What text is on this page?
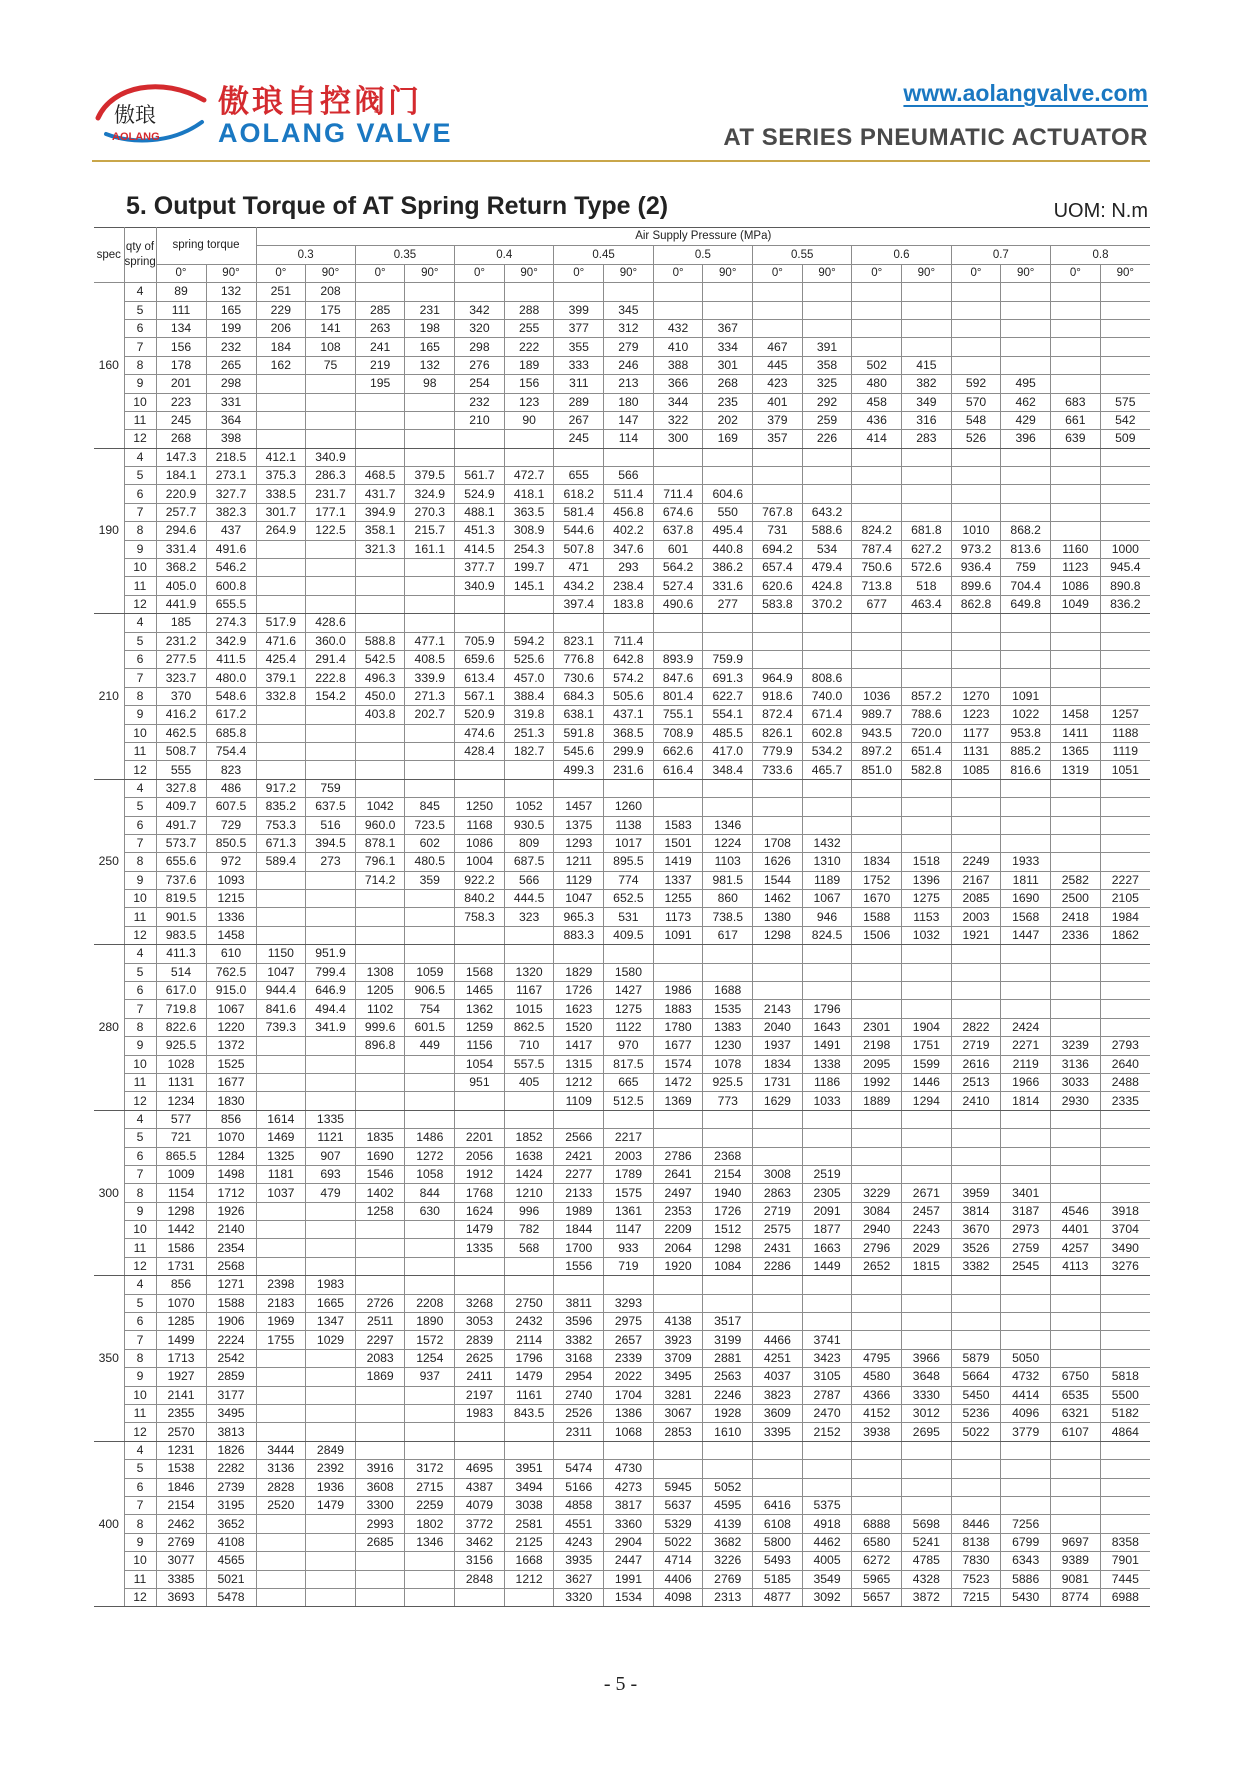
傲琅
AOLANG
傲琅自控阀门
AOLANG VALVE
www.aolangvalve.com
AT SERIES PNEUMATIC ACTUATOR
5. Output Torque of AT Spring Return Type (2)	UOM: N.m
spec	qty of spring	spring torque		Air Supply Pressure (MPa)																	
				0.3		0.35		0.4		0.45		0.5		0.55		0.6		0.7		0.8	
		0°	90°	0°	90°	0°	90°	0°	90°	0°	90°	0°	90°	0°	90°	0°	90°	0°	90°	0°	90°
160	4	89	132	251	208																
	5	111	165	229	175	285	231	342	288	399	345										
	6	134	199	206	141	263	198	320	255	377	312	432	367								
	7	156	232	184	108	241	165	298	222	355	279	410	334	467	391						
	8	178	265	162	75	219	132	276	189	333	246	388	301	445	358	502	415				
	9	201	298			195	98	254	156	311	213	366	268	423	325	480	382	592	495		
	10	223	331					232	123	289	180	344	235	401	292	458	349	570	462	683	575
	11	245	364					210	90	267	147	322	202	379	259	436	316	548	429	661	542
	12	268	398							245	114	300	169	357	226	414	283	526	396	639	509
190	4	147.3	218.5	412.1	340.9																
	5	184.1	273.1	375.3	286.3	468.5	379.5	561.7	472.7	655	566										
	6	220.9	327.7	338.5	231.7	431.7	324.9	524.9	418.1	618.2	511.4	711.4	604.6								
	7	257.7	382.3	301.7	177.1	394.9	270.3	488.1	363.5	581.4	456.8	674.6	550	767.8	643.2						
	8	294.6	437	264.9	122.5	358.1	215.7	451.3	308.9	544.6	402.2	637.8	495.4	731	588.6	824.2	681.8	1010	868.2		
	9	331.4	491.6			321.3	161.1	414.5	254.3	507.8	347.6	601	440.8	694.2	534	787.4	627.2	973.2	813.6	1160	1000
	10	368.2	546.2					377.7	199.7	471	293	564.2	386.2	657.4	479.4	750.6	572.6	936.4	759	1123	945.4
	11	405.0	600.8					340.9	145.1	434.2	238.4	527.4	331.6	620.6	424.8	713.8	518	899.6	704.4	1086	890.8
	12	441.9	655.5							397.4	183.8	490.6	277	583.8	370.2	677	463.4	862.8	649.8	1049	836.2
210	4	185	274.3	517.9	428.6																
	5	231.2	342.9	471.6	360.0	588.8	477.1	705.9	594.2	823.1	711.4										
	6	277.5	411.5	425.4	291.4	542.5	408.5	659.6	525.6	776.8	642.8	893.9	759.9								
	7	323.7	480.0	379.1	222.8	496.3	339.9	613.4	457.0	730.6	574.2	847.6	691.3	964.9	808.6						
	8	370	548.6	332.8	154.2	450.0	271.3	567.1	388.4	684.3	505.6	801.4	622.7	918.6	740.0	1036	857.2	1270	1091		
	9	416.2	617.2			403.8	202.7	520.9	319.8	638.1	437.1	755.1	554.1	872.4	671.4	989.7	788.6	1223	1022	1458	1257
	10	462.5	685.8					474.6	251.3	591.8	368.5	708.9	485.5	826.1	602.8	943.5	720.0	1177	953.8	1411	1188
	11	508.7	754.4					428.4	182.7	545.6	299.9	662.6	417.0	779.9	534.2	897.2	651.4	1131	885.2	1365	1119
	12	555	823							499.3	231.6	616.4	348.4	733.6	465.7	851.0	582.8	1085	816.6	1319	1051
250	4	327.8	486	917.2	759																
	5	409.7	607.5	835.2	637.5	1042	845	1250	1052	1457	1260										
	6	491.7	729	753.3	516	960.0	723.5	1168	930.5	1375	1138	1583	1346								
	7	573.7	850.5	671.3	394.5	878.1	602	1086	809	1293	1017	1501	1224	1708	1432						
	8	655.6	972	589.4	273	796.1	480.5	1004	687.5	1211	895.5	1419	1103	1626	1310	1834	1518	2249	1933		
	9	737.6	1093			714.2	359	922.2	566	1129	774	1337	981.5	1544	1189	1752	1396	2167	1811	2582	2227
	10	819.5	1215					840.2	444.5	1047	652.5	1255	860	1462	1067	1670	1275	2085	1690	2500	2105
	11	901.5	1336					758.3	323	965.3	531	1173	738.5	1380	946	1588	1153	2003	1568	2418	1984
	12	983.5	1458							883.3	409.5	1091	617	1298	824.5	1506	1032	1921	1447	2336	1862
280	4	411.3	610	1150	951.9																
	5	514	762.5	1047	799.4	1308	1059	1568	1320	1829	1580										
	6	617.0	915.0	944.4	646.9	1205	906.5	1465	1167	1726	1427	1986	1688								
	7	719.8	1067	841.6	494.4	1102	754	1362	1015	1623	1275	1883	1535	2143	1796						
	8	822.6	1220	739.3	341.9	999.6	601.5	1259	862.5	1520	1122	1780	1383	2040	1643	2301	1904	2822	2424		
	9	925.5	1372			896.8	449	1156	710	1417	970	1677	1230	1937	1491	2198	1751	2719	2271	3239	2793
	10	1028	1525					1054	557.5	1315	817.5	1574	1078	1834	1338	2095	1599	2616	2119	3136	2640
	11	1131	1677					951	405	1212	665	1472	925.5	1731	1186	1992	1446	2513	1966	3033	2488
	12	1234	1830							1109	512.5	1369	773	1629	1033	1889	1294	2410	1814	2930	2335
300	4	577	856	1614	1335																
	5	721	1070	1469	1121	1835	1486	2201	1852	2566	2217										
	6	865.5	1284	1325	907	1690	1272	2056	1638	2421	2003	2786	2368								
	7	1009	1498	1181	693	1546	1058	1912	1424	2277	1789	2641	2154	3008	2519						
	8	1154	1712	1037	479	1402	844	1768	1210	2133	1575	2497	1940	2863	2305	3229	2671	3959	3401		
	9	1298	1926			1258	630	1624	996	1989	1361	2353	1726	2719	2091	3084	2457	3814	3187	4546	3918
	10	1442	2140					1479	782	1844	1147	2209	1512	2575	1877	2940	2243	3670	2973	4401	3704
	11	1586	2354					1335	568	1700	933	2064	1298	2431	1663	2796	2029	3526	2759	4257	3490
	12	1731	2568							1556	719	1920	1084	2286	1449	2652	1815	3382	2545	4113	3276
350	4	856	1271	2398	1983																
	5	1070	1588	2183	1665	2726	2208	3268	2750	3811	3293										
	6	1285	1906	1969	1347	2511	1890	3053	2432	3596	2975	4138	3517								
	7	1499	2224	1755	1029	2297	1572	2839	2114	3382	2657	3923	3199	4466	3741						
	8	1713	2542			2083	1254	2625	1796	3168	2339	3709	2881	4251	3423	4795	3966	5879	5050		
	9	1927	2859			1869	937	2411	1479	2954	2022	3495	2563	4037	3105	4580	3648	5664	4732	6750	5818
	10	2141	3177					2197	1161	2740	1704	3281	2246	3823	2787	4366	3330	5450	4414	6535	5500
	11	2355	3495					1983	843.5	2526	1386	3067	1928	3609	2470	4152	3012	5236	4096	6321	5182
	12	2570	3813							2311	1068	2853	1610	3395	2152	3938	2695	5022	3779	6107	4864
400	4	1231	1826	3444	2849																
	5	1538	2282	3136	2392	3916	3172	4695	3951	5474	4730										
	6	1846	2739	2828	1936	3608	2715	4387	3494	5166	4273	5945	5052								
	7	2154	3195	2520	1479	3300	2259	4079	3038	4858	3817	5637	4595	6416	5375						
	8	2462	3652			2993	1802	3772	2581	4551	3360	5329	4139	6108	4918	6888	5698	8446	7256		
	9	2769	4108			2685	1346	3462	2125	4243	2904	5022	3682	5800	4462	6580	5241	8138	6799	9697	8358
	10	3077	4565					3156	1668	3935	2447	4714	3226	5493	4005	6272	4785	7830	6343	9389	7901
	11	3385	5021					2848	1212	3627	1991	4406	2769	5185	3549	5965	4328	7523	5886	9081	7445
	12	3693	5478							3320	1534	4098	2313	4877	3092	5657	3872	7215	5430	8774	6988
- 5 -
